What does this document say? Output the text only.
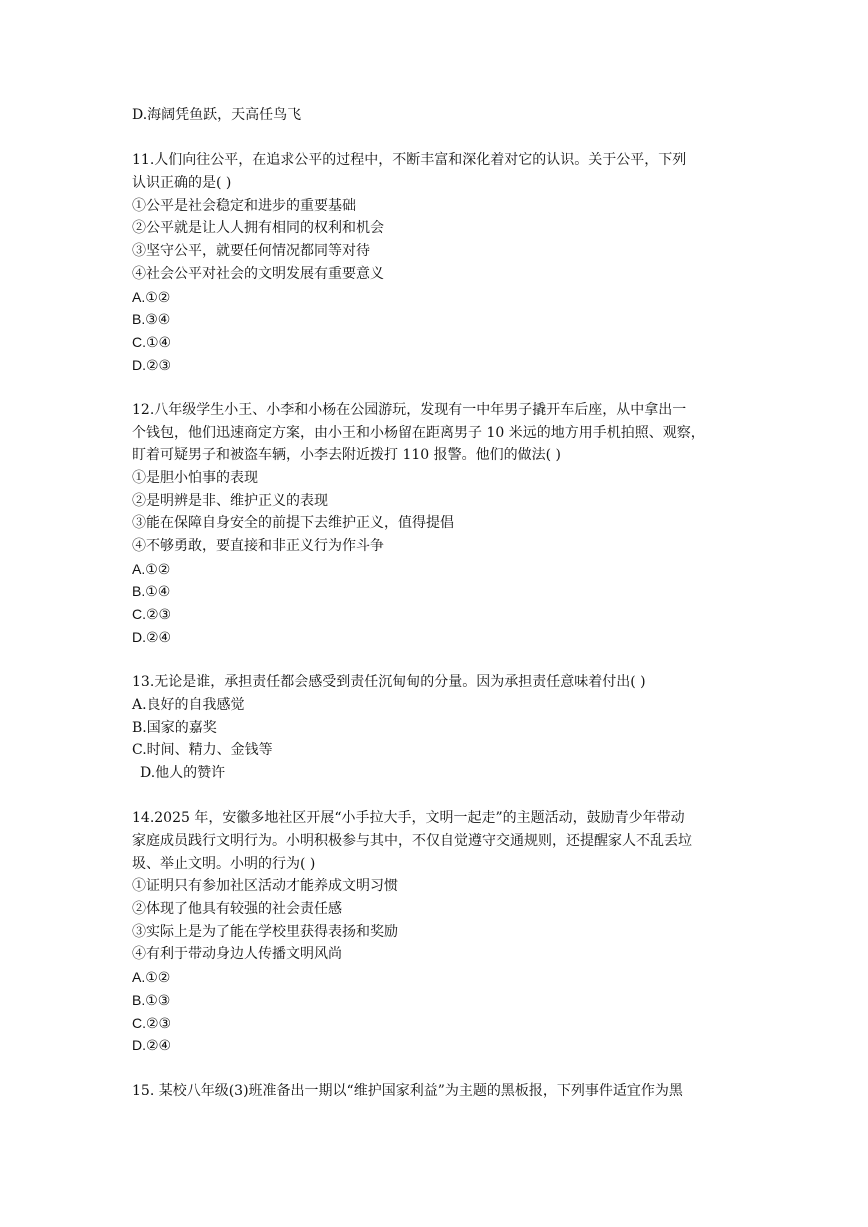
D.海阔凭鱼跃，天高任鸟飞
11.人们向往公平，在追求公平的过程中，不断丰富和深化着对它的认识。关于公平，下列
认识正确的是( )
①公平是社会稳定和进步的重要基础
②公平就是让人人拥有相同的权利和机会
③坚守公平，就要任何情况都同等对待
④社会公平对社会的文明发展有重要意义
A.①②
B.③④
C.①④
D.②③
12.八年级学生小王、小李和小杨在公园游玩，发现有一中年男子撬开车后座，从中拿出一
个钱包，他们迅速商定方案，由小王和小杨留在距离男子 10 米远的地方用手机拍照、观察，
盯着可疑男子和被盗车辆，小李去附近拨打 110 报警。他们的做法( )
①是胆小怕事的表现
②是明辨是非、维护正义的表现
③能在保障自身安全的前提下去维护正义，值得提倡
④不够勇敢，要直接和非正义行为作斗争
A.①②
B.①④
C.②③
D.②④
13.无论是谁，承担责任都会感受到责任沉甸甸的分量。因为承担责任意味着付出( )
A.良好的自我感觉
B.国家的嘉奖
C.时间、精力、金钱等
D.他人的赞许
14.2025 年，安徽多地社区开展“小手拉大手，文明一起走”的主题活动，鼓励青少年带动
家庭成员践行文明行为。小明积极参与其中，不仅自觉遵守交通规则，还提醒家人不乱丢垃
圾、举止文明。小明的行为( )
①证明只有参加社区活动才能养成文明习惯
②体现了他具有较强的社会责任感
③实际上是为了能在学校里获得表扬和奖励
④有利于带动身边人传播文明风尚
A.①②
B.①③
C.②③
D.②④
15. 某校八年级(3)班准备出一期以“维护国家利益”为主题的黑板报，下列事件适宜作为黑
